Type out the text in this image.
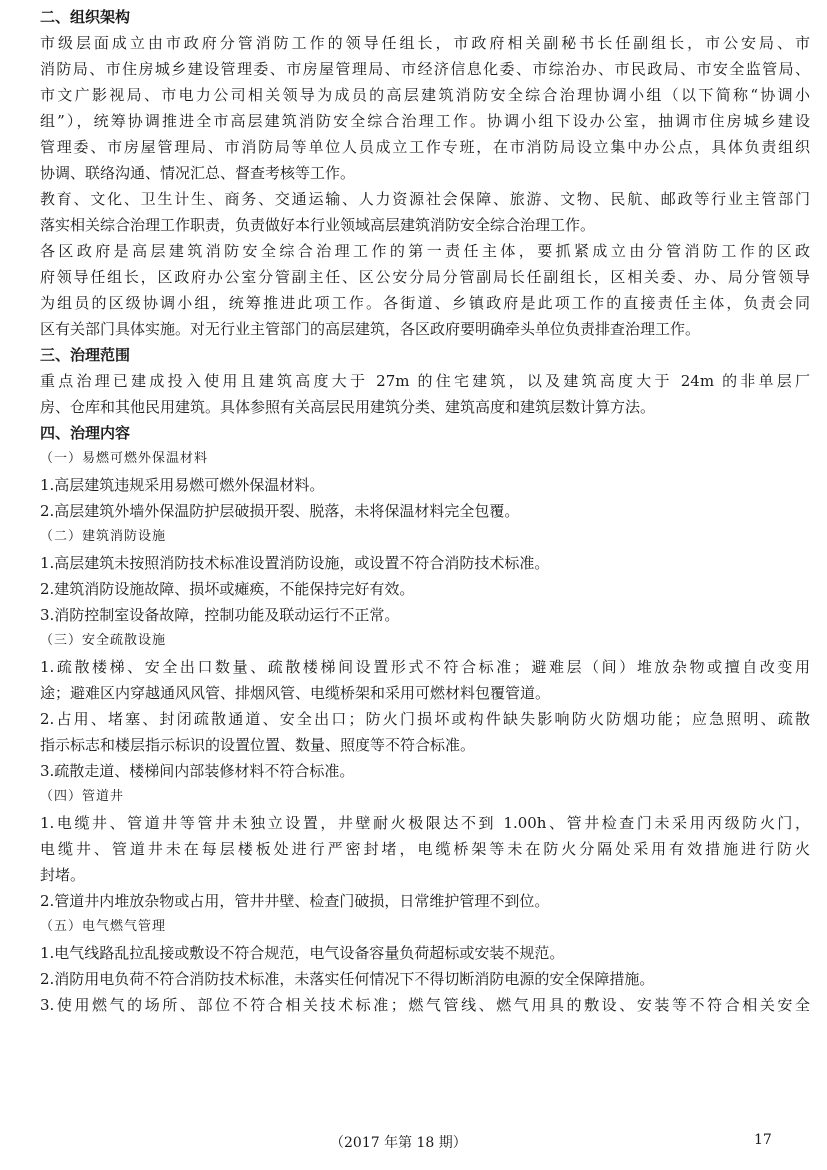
二、组织架构
市级层面成立由市政府分管消防工作的领导任组长，市政府相关副秘书长任副组长，市公安局、市
消防局、市住房城乡建设管理委、市房屋管理局、市经济信息化委、市综治办、市民政局、市安全监管局、
市文广影视局、市电力公司相关领导为成员的高层建筑消防安全综合治理协调小组（以下简称“协调小
组”），统筹协调推进全市高层建筑消防安全综合治理工作。协调小组下设办公室，抽调市住房城乡建设
管理委、市房屋管理局、市消防局等单位人员成立工作专班，在市消防局设立集中办公点，具体负责组织
协调、联络沟通、情况汇总、督查考核等工作。
教育、文化、卫生计生、商务、交通运输、人力资源社会保障、旅游、文物、民航、邮政等行业主管部门
落实相关综合治理工作职责，负责做好本行业领域高层建筑消防安全综合治理工作。
各区政府是高层建筑消防安全综合治理工作的第一责任主体，要抓紧成立由分管消防工作的区政
府领导任组长，区政府办公室分管副主任、区公安分局分管副局长任副组长，区相关委、办、局分管领导
为组员的区级协调小组，统筹推进此项工作。各街道、乡镇政府是此项工作的直接责任主体，负责会同
区有关部门具体实施。对无行业主管部门的高层建筑，各区政府要明确牵头单位负责排查治理工作。
三、治理范围
重点治理已建成投入使用且建筑高度大于 27m 的住宅建筑，以及建筑高度大于 24m 的非单层厂
房、仓库和其他民用建筑。具体参照有关高层民用建筑分类、建筑高度和建筑层数计算方法。
四、治理内容
（一）易燃可燃外保温材料
1.高层建筑违规采用易燃可燃外保温材料。
2.高层建筑外墙外保温防护层破损开裂、脱落，未将保温材料完全包覆。
（二）建筑消防设施
1.高层建筑未按照消防技术标准设置消防设施，或设置不符合消防技术标准。
2.建筑消防设施故障、损坏或瘫痪，不能保持完好有效。
3.消防控制室设备故障，控制功能及联动运行不正常。
（三）安全疏散设施
1.疏散楼梯、安全出口数量、疏散楼梯间设置形式不符合标准；避难层（间）堆放杂物或擅自改变用
途；避难区内穿越通风风管、排烟风管、电缆桥架和采用可燃材料包覆管道。
2.占用、堵塞、封闭疏散通道、安全出口；防火门损坏或构件缺失影响防火防烟功能；应急照明、疏散
指示标志和楼层指示标识的设置位置、数量、照度等不符合标准。
3.疏散走道、楼梯间内部装修材料不符合标准。
（四）管道井
1.电缆井、管道井等管井未独立设置，井壁耐火极限达不到 1.00h、管井检查门未采用丙级防火门，
电缆井、管道井未在每层楼板处进行严密封堵，电缆桥架等未在防火分隔处采用有效措施进行防火
封堵。
2.管道井内堆放杂物或占用，管井井壁、检查门破损，日常维护管理不到位。
（五）电气燃气管理
1.电气线路乱拉乱接或敷设不符合规范，电气设备容量负荷超标或安装不规范。
2.消防用电负荷不符合消防技术标准，未落实任何情况下不得切断消防电源的安全保障措施。
3.使用燃气的场所、部位不符合相关技术标准；燃气管线、燃气用具的敷设、安装等不符合相关安全
（2017 年第 18 期）	17
